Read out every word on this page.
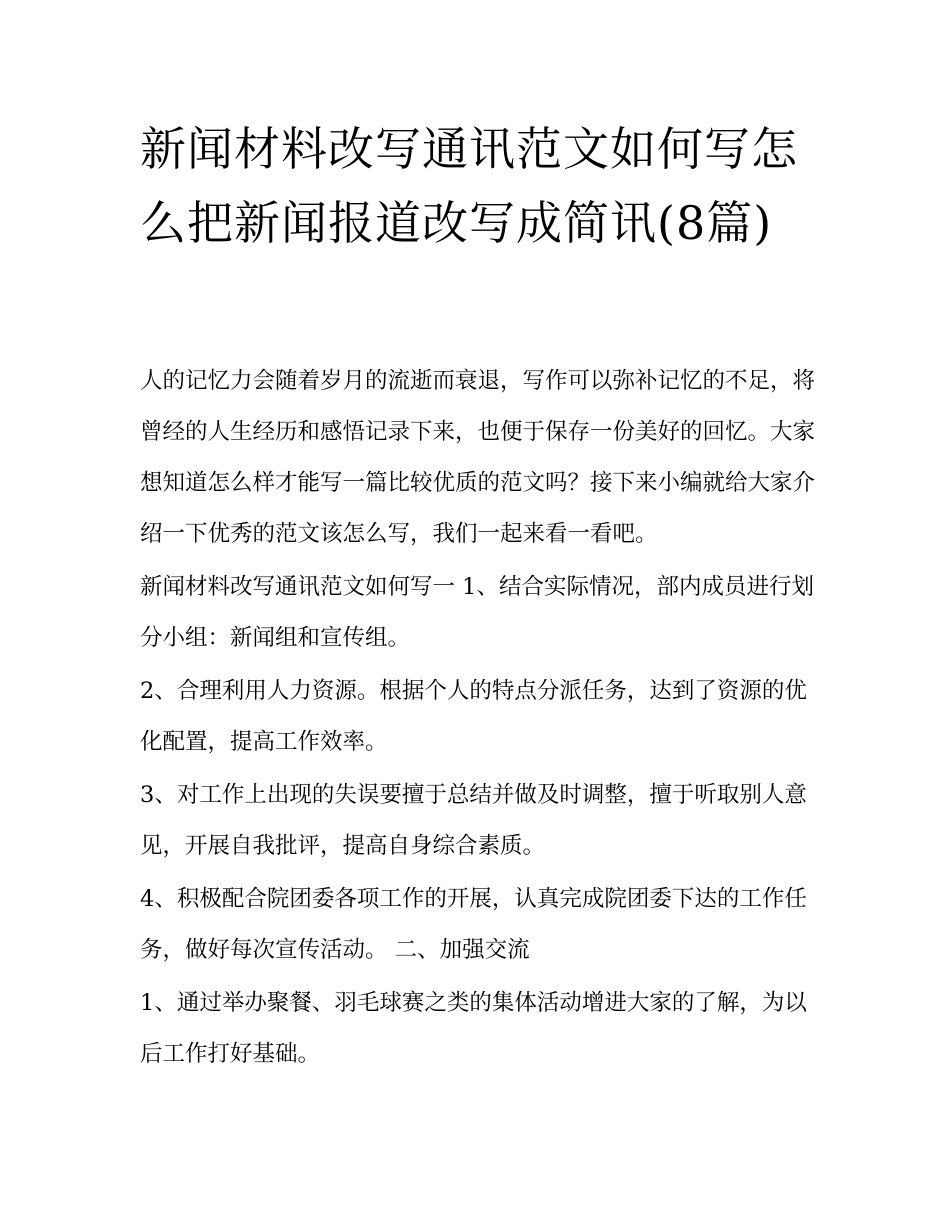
新闻材料改写通讯范文如何写怎么把新闻报道改写成简讯(8篇)

人的记忆力会随着岁月的流逝而衰退，写作可以弥补记忆的不足，将曾经的人生经历和感悟记录下来，也便于保存一份美好的回忆。大家想知道怎么样才能写一篇比较优质的范文吗？接下来小编就给大家介绍一下优秀的范文该怎么写，我们一起来看一看吧。

新闻材料改写通讯范文如何写一 1、结合实际情况，部内成员进行划分小组：新闻组和宣传组。

2、合理利用人力资源。根据个人的特点分派任务，达到了资源的优化配置，提高工作效率。

3、对工作上出现的失误要擅于总结并做及时调整，擅于听取别人意见，开展自我批评，提高自身综合素质。

4、积极配合院团委各项工作的开展，认真完成院团委下达的工作任务，做好每次宣传活动。 二、加强交流

1、通过举办聚餐、羽毛球赛之类的集体活动增进大家的了解，为以后工作打好基础。
